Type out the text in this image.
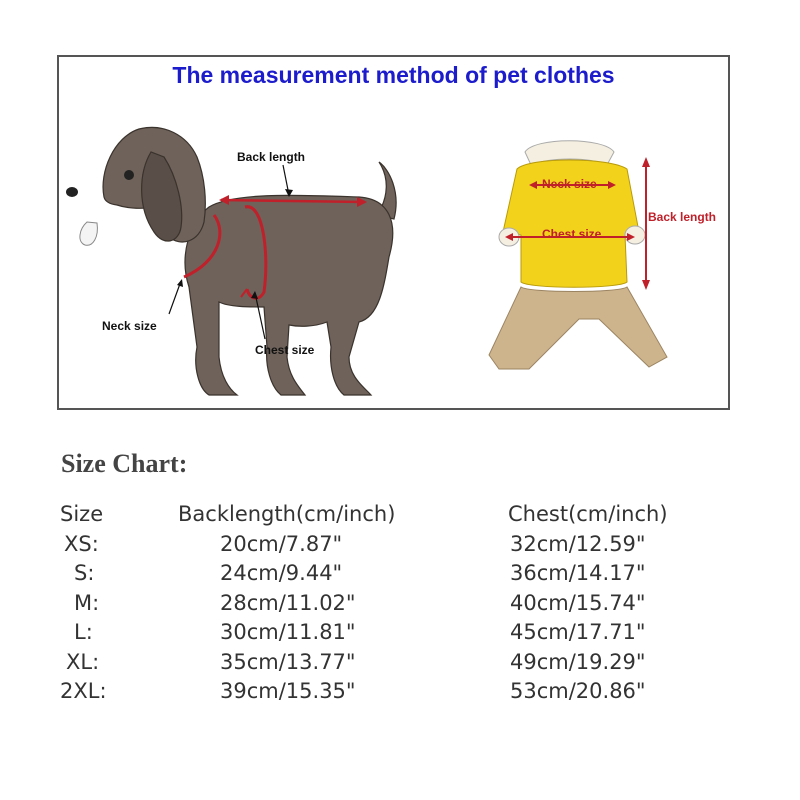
The measurement method of pet clothes
Back length
Neck size
Chest size
Neck size
Chest size
Back length
Size Chart:
Size	Backlength(cm/inch)	Chest(cm/inch)
XS:	20cm/7.87"	32cm/12.59"
S:	24cm/9.44"	36cm/14.17"
M:	28cm/11.02"	40cm/15.74"
L:	30cm/11.81"	45cm/17.71"
XL:	35cm/13.77"	49cm/19.29"
2XL:	39cm/15.35"	53cm/20.86"
